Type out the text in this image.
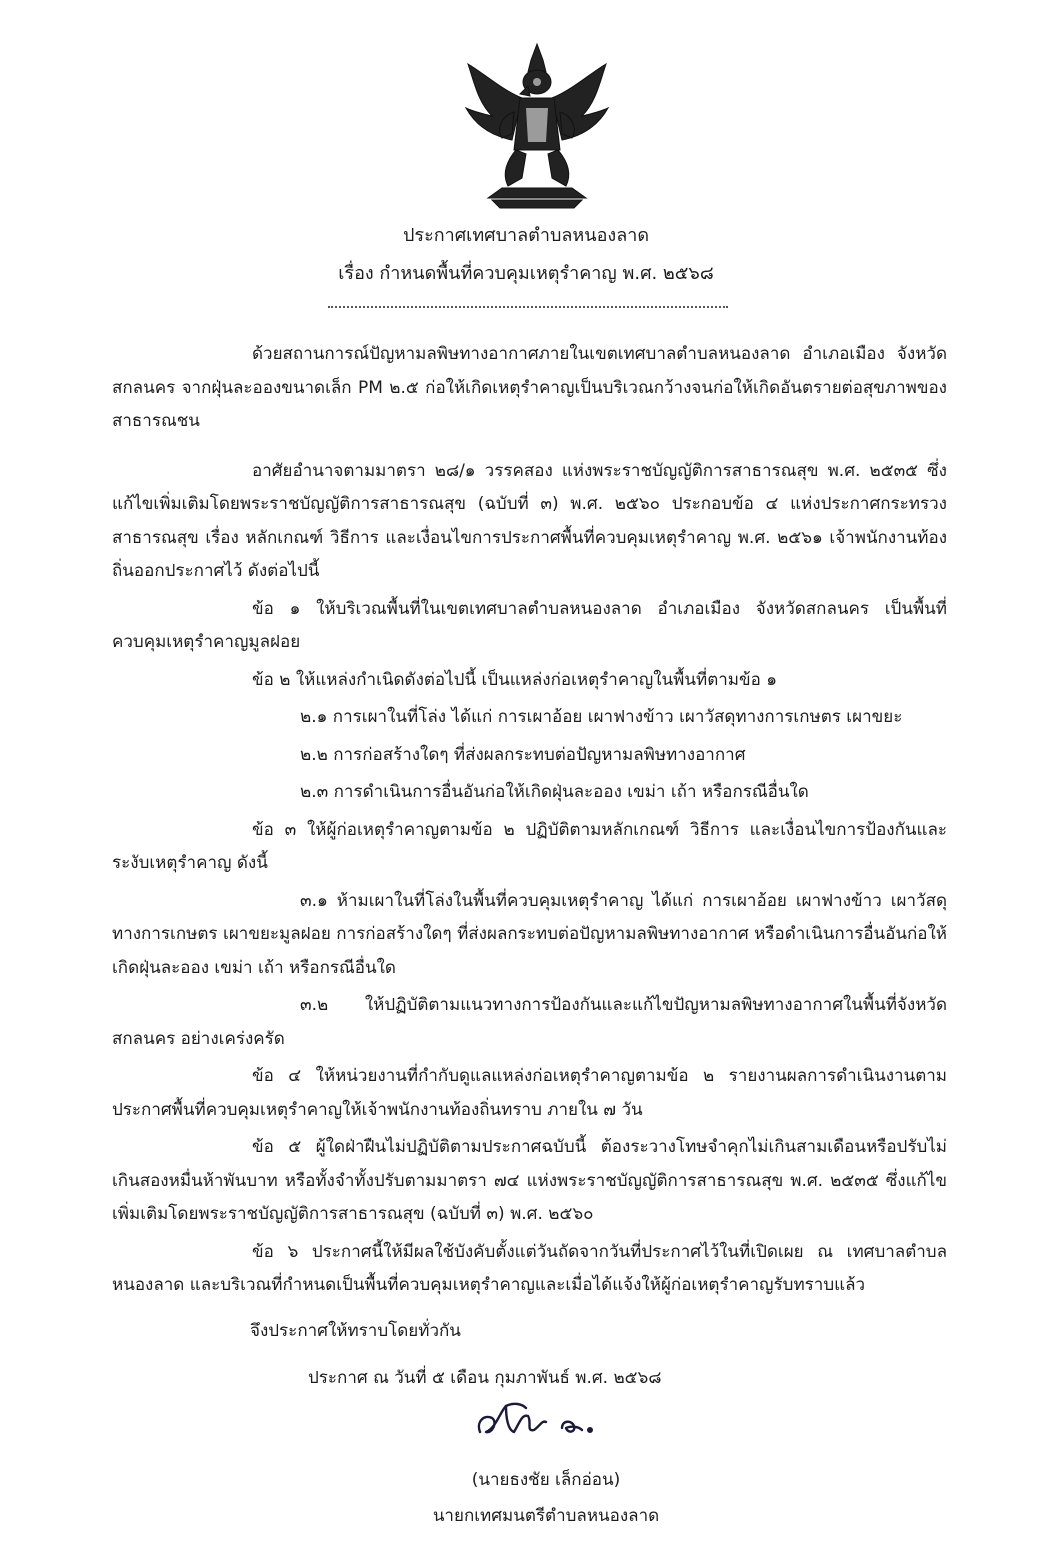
ประกาศเทศบาลตำบลหนองลาด
เรื่อง กำหนดพื้นที่ควบคุมเหตุรำคาญ พ.ศ. ๒๕๖๘

ด้วยสถานการณ์ปัญหามลพิษทางอากาศภายในเขตเทศบาลตำบลหนองลาด อำเภอเมือง จังหวัดสกลนคร จากฝุ่นละอองขนาดเล็ก PM ๒.๕ ก่อให้เกิดเหตุรำคาญเป็นบริเวณกว้างจนก่อให้เกิดอันตรายต่อสุขภาพของสาธารณชน

อาศัยอำนาจตามมาตรา ๒๘/๑ วรรคสอง แห่งพระราชบัญญัติการสาธารณสุข พ.ศ. ๒๕๓๕ ซึ่งแก้ไขเพิ่มเติมโดยพระราชบัญญัติการสาธารณสุข (ฉบับที่ ๓) พ.ศ. ๒๕๖๐ ประกอบข้อ ๔ แห่งประกาศกระทรวงสาธารณสุข เรื่อง หลักเกณฑ์ วิธีการ และเงื่อนไขการประกาศพื้นที่ควบคุมเหตุรำคาญ พ.ศ. ๒๕๖๑ เจ้าพนักงานท้องถิ่นออกประกาศไว้ ดังต่อไปนี้

ข้อ ๑ ให้บริเวณพื้นที่ในเขตเทศบาลตำบลหนองลาด อำเภอเมือง จังหวัดสกลนคร เป็นพื้นที่ควบคุมเหตุรำคาญมูลฝอย

ข้อ ๒ ให้แหล่งกำเนิดดังต่อไปนี้ เป็นแหล่งก่อเหตุรำคาญในพื้นที่ตามข้อ ๑

๒.๑ การเผาในที่โล่ง ได้แก่ การเผาอ้อย เผาฟางข้าว เผาวัสดุทางการเกษตร เผาขยะ

๒.๒ การก่อสร้างใดๆ ที่ส่งผลกระทบต่อปัญหามลพิษทางอากาศ

๒.๓ การดำเนินการอื่นอันก่อให้เกิดฝุ่นละออง เขม่า เถ้า หรือกรณีอื่นใด

ข้อ ๓ ให้ผู้ก่อเหตุรำคาญตามข้อ ๒ ปฏิบัติตามหลักเกณฑ์ วิธีการ และเงื่อนไขการป้องกันและระงับเหตุรำคาญ ดังนี้

๓.๑ ห้ามเผาในที่โล่งในพื้นที่ควบคุมเหตุรำคาญ ได้แก่ การเผาอ้อย เผาฟางข้าว เผาวัสดุทางการเกษตร เผาขยะมูลฝอย การก่อสร้างใดๆ ที่ส่งผลกระทบต่อปัญหามลพิษทางอากาศ หรือดำเนินการอื่นอันก่อให้เกิดฝุ่นละออง เขม่า เถ้า หรือกรณีอื่นใด

๓.๒ ให้ปฏิบัติตามแนวทางการป้องกันและแก้ไขปัญหามลพิษทางอากาศในพื้นที่จังหวัดสกลนคร อย่างเคร่งครัด

ข้อ ๔ ให้หน่วยงานที่กำกับดูแลแหล่งก่อเหตุรำคาญตามข้อ ๒ รายงานผลการดำเนินงานตามประกาศพื้นที่ควบคุมเหตุรำคาญให้เจ้าพนักงานท้องถิ่นทราบ ภายใน ๗ วัน

ข้อ ๕ ผู้ใดฝ่าฝืนไม่ปฏิบัติตามประกาศฉบับนี้ ต้องระวางโทษจำคุกไม่เกินสามเดือนหรือปรับไม่เกินสองหมื่นห้าพันบาท หรือทั้งจำทั้งปรับตามมาตรา ๗๔ แห่งพระราชบัญญัติการสาธารณสุข พ.ศ. ๒๕๓๕ ซึ่งแก้ไขเพิ่มเติมโดยพระราชบัญญัติการสาธารณสุข (ฉบับที่ ๓) พ.ศ. ๒๕๖๐

ข้อ ๖ ประกาศนี้ให้มีผลใช้บังคับตั้งแต่วันถัดจากวันที่ประกาศไว้ในที่เปิดเผย ณ เทศบาลตำบลหนองลาด และบริเวณที่กำหนดเป็นพื้นที่ควบคุมเหตุรำคาญและเมื่อได้แจ้งให้ผู้ก่อเหตุรำคาญรับทราบแล้ว

จึงประกาศให้ทราบโดยทั่วกัน

ประกาศ ณ วันที่ ๕ เดือน กุมภาพันธ์ พ.ศ. ๒๕๖๘

(นายธงชัย เล็กอ่อน)
นายกเทศมนตรีตำบลหนองลาด
